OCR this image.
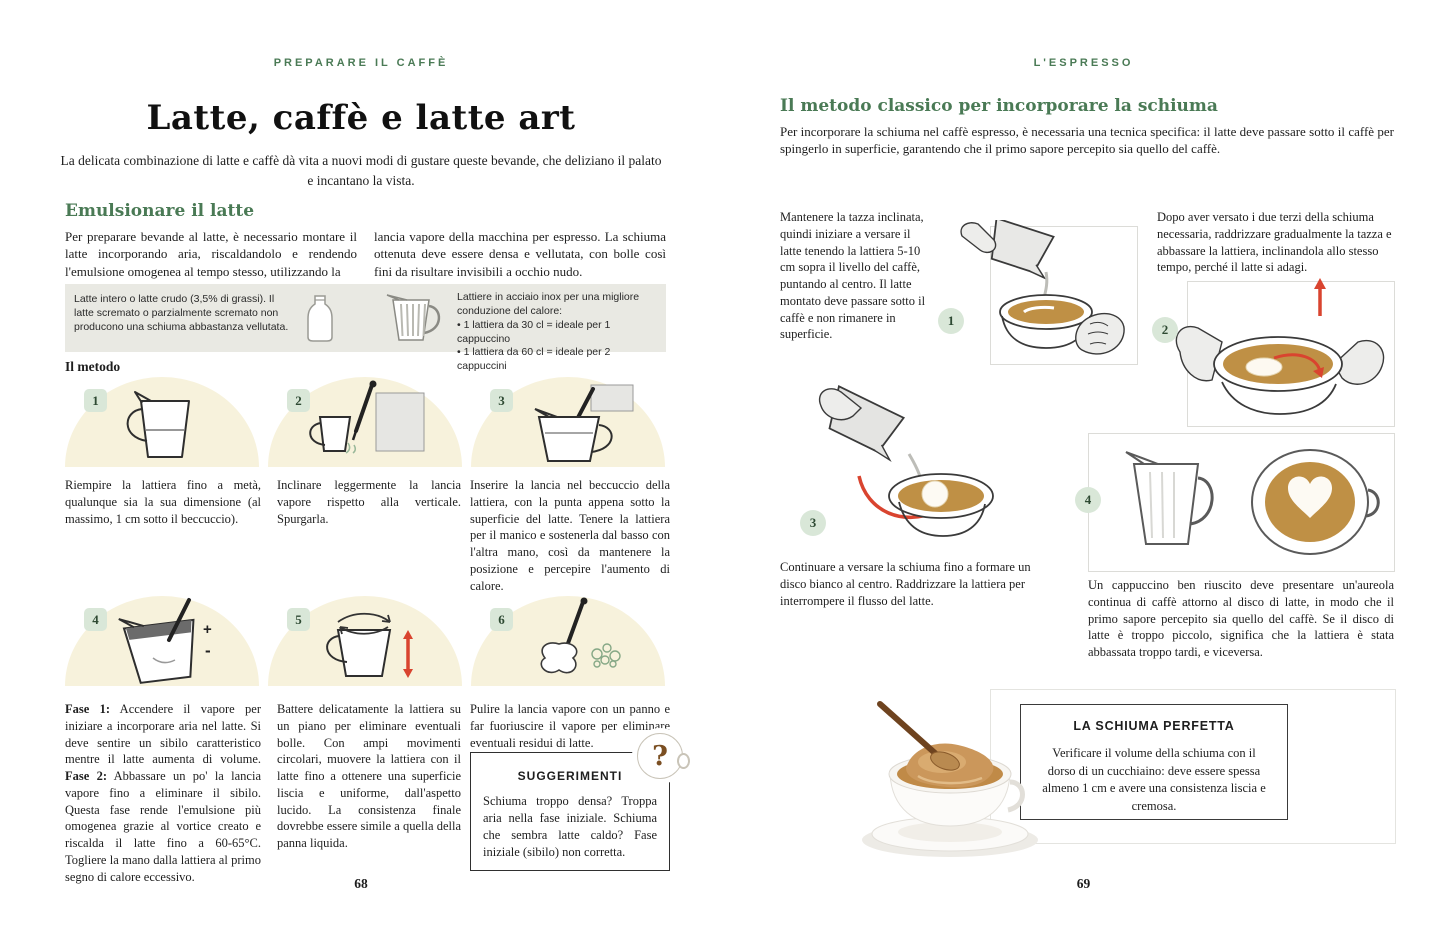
PREPARARE IL CAFFÈ
Latte, caffè e latte art
La delicata combinazione di latte e caffè dà vita a nuovi modi di gustare queste bevande, che deliziano il palato e incantano la vista.
Emulsionare il latte
Per preparare bevande al latte, è necessario montare il latte incorporando aria, riscaldandolo e rendendo l'emulsione omogenea al tempo stesso, utilizzando la
lancia vapore della macchina per espresso. La schiuma ottenuta deve essere densa e vellutata, con bolle così fini da risultare invisibili a occhio nudo.
Latte intero o latte crudo (3,5% di grassi). Il latte scremato o parzialmente scremato non producono una schiuma abbastanza vellutata.
Lattiere in acciaio inox per una migliore conduzione del calore:
• 1 lattiera da 30 cl = ideale per 1 cappuccino
• 1 lattiera da 60 cl = ideale per 2 cappuccini
Il metodo
1	2	3
Riempire la lattiera fino a metà, qualunque sia la sua dimensione (al massimo, 1 cm sotto il beccuccio).
Inclinare leggermente la lancia vapore rispetto alla verticale. Spurgarla.
Inserire la lancia nel beccuccio della lattiera, con la punta appena sotto la superficie del latte. Tenere la lattiera per il manico e sostenerla dal basso con l'altra mano, così da mantenere la posizione e percepire l'aumento di calore.
+
-
4	5	6
Fase 1: Accendere il vapore per iniziare a incorporare aria nel latte. Si deve sentire un sibilo caratteristico mentre il latte aumenta di volume. Fase 2: Abbassare un po' la lancia vapore fino a eliminare il sibilo. Questa fase rende l'emulsione più omogenea grazie al vortice creato e riscalda il latte fino a 60-65°C. Togliere la mano dalla lattiera al primo segno di calore eccessivo.
Battere delicatamente la lattiera su un piano per eliminare eventuali bolle. Con ampi movimenti circolari, muovere la lattiera con il latte fino a ottenere una superficie liscia e uniforme, dall'aspetto lucido. La consistenza finale dovrebbe essere simile a quella della panna liquida.
Pulire la lancia vapore con un panno e far fuoriuscire il vapore per eliminare eventuali residui di latte.
SUGGERIMENTI
Schiuma troppo densa? Troppa aria nella fase iniziale. Schiuma che sembra latte caldo? Fase iniziale (sibilo) non corretta.
?
68
L'ESPRESSO
Il metodo classico per incorporare la schiuma
Per incorporare la schiuma nel caffè espresso, è necessaria una tecnica specifica: il latte deve passare sotto il caffè per spingerlo in superficie, garantendo che il primo sapore percepito sia quello del caffè.
Mantenere la tazza inclinata, quindi iniziare a versare il latte tenendo la lattiera 5-10 cm sopra il livello del caffè, puntando al centro. Il latte montato deve passare sotto il caffè e non rimanere in superficie.
1
Dopo aver versato i due terzi della schiuma necessaria, raddrizzare gradualmente la tazza e abbassare la lattiera, inclinandola allo stesso tempo, perché il latte si adagi.
2
3
Continuare a versare la schiuma fino a formare un disco bianco al centro. Raddrizzare la lattiera per interrompere il flusso del latte.
4
Un cappuccino ben riuscito deve presentare un'aureola continua di caffè attorno al disco di latte, in modo che il primo sapore percepito sia quello del caffè. Se il disco di latte è troppo piccolo, significa che la lattiera è stata abbassata troppo tardi, e viceversa.
LA SCHIUMA PERFETTA
Verificare il volume della schiuma con il dorso di un cucchiaino: deve essere spessa almeno 1 cm e avere una consistenza liscia e cremosa.
69
